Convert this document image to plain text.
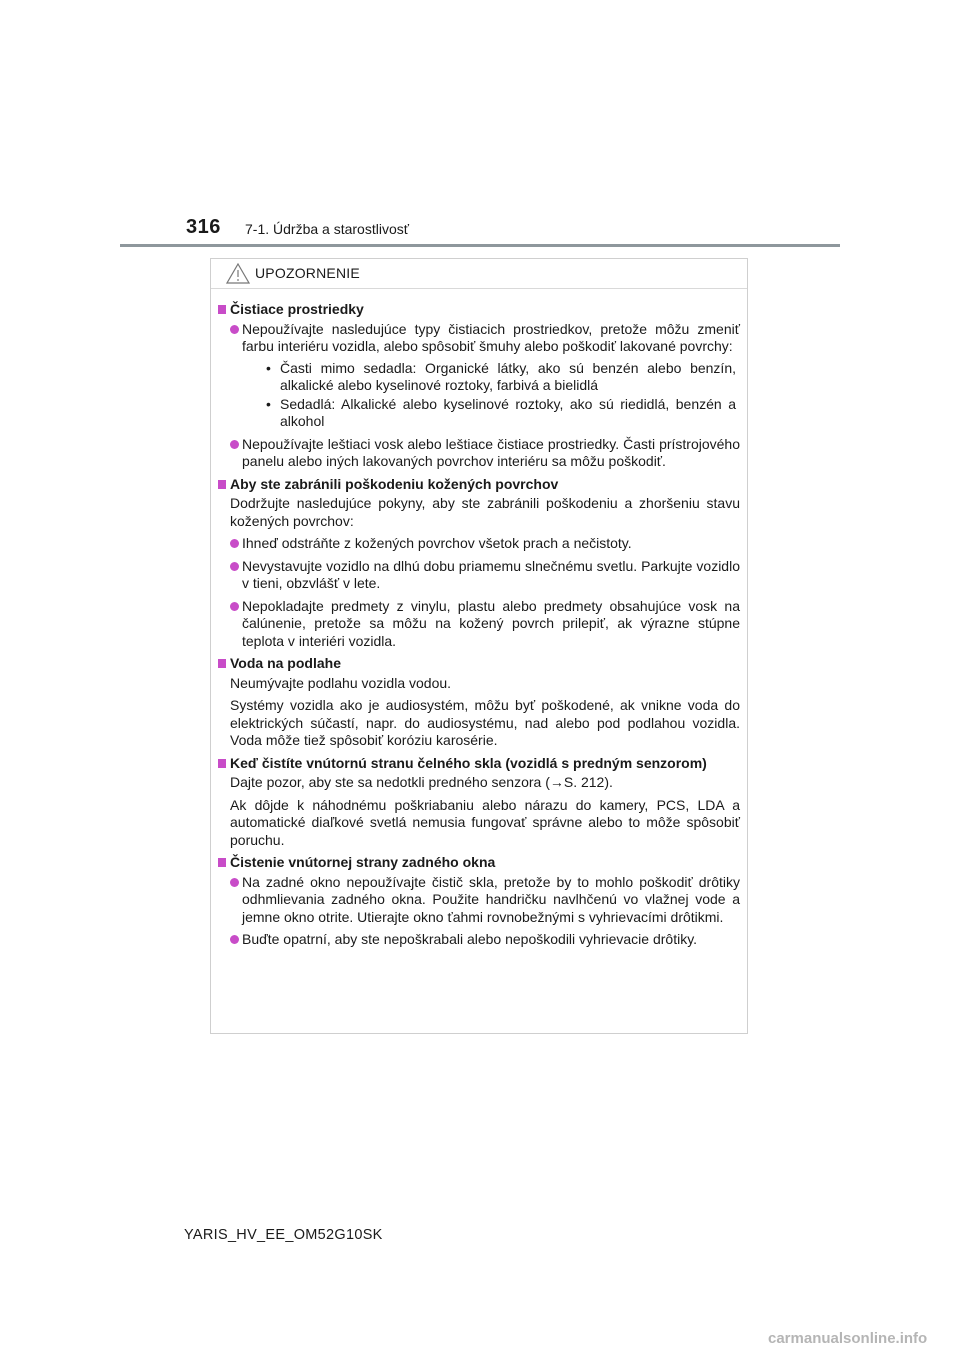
316 7-1. Údržba a starostlivosť
UPOZORNENIE
Čistiace prostriedky
Nepoužívajte nasledujúce typy čistiacich prostriedkov, pretože môžu zmeniť farbu interiéru vozidla, alebo spôsobiť šmuhy alebo poškodiť lakované povrchy:
• Časti mimo sedadla: Organické látky, ako sú benzén alebo benzín, alkalické alebo kyselinové roztoky, farbivá a bielidlá
• Sedadlá: Alkalické alebo kyselinové roztoky, ako sú riedidlá, benzén a alkohol
Nepoužívajte leštiaci vosk alebo leštiace čistiace prostriedky. Časti prístrojového panelu alebo iných lakovaných povrchov interiéru sa môžu poškodiť.
Aby ste zabránili poškodeniu kožených povrchov
Dodržujte nasledujúce pokyny, aby ste zabránili poškodeniu a zhoršeniu stavu kožených povrchov:
Ihneď odstráňte z kožených povrchov všetok prach a nečistoty.
Nevystavujte vozidlo na dlhú dobu priamemu slnečnému svetlu. Parkujte vozidlo v tieni, obzvlášť v lete.
Nepokladajte predmety z vinylu, plastu alebo predmety obsahujúce vosk na čalúnenie, pretože sa môžu na kožený povrch prilepiť, ak výrazne stúpne teplota v interiéri vozidla.
Voda na podlahe
Neumývajte podlahu vozidla vodou.
Systémy vozidla ako je audiosystém, môžu byť poškodené, ak vnikne voda do elektrických súčastí, napr. do audiosystému, nad alebo pod podlahou vozidla. Voda môže tiež spôsobiť koróziu karosérie.
Keď čistíte vnútornú stranu čelného skla (vozidlá s predným senzorom)
Dajte pozor, aby ste sa nedotkli predného senzora (→S. 212).
Ak dôjde k náhodnému poškriabaniu alebo nárazu do kamery, PCS, LDA a automatické diaľkové svetlá nemusia fungovať správne alebo to môže spôsobiť poruchu.
Čistenie vnútornej strany zadného okna
Na zadné okno nepoužívajte čistič skla, pretože by to mohlo poškodiť drôtiky odhmlievania zadného okna. Použite handričku navlhčenú vo vlažnej vode a jemne okno otrite. Utierajte okno ťahmi rovnobežnými s vyhrievacími drôtikmi.
Buďte opatrní, aby ste nepoškrabali alebo nepoškodili vyhrievacie drôtiky.
YARIS_HV_EE_OM52G10SK
carmanualsonline.info
